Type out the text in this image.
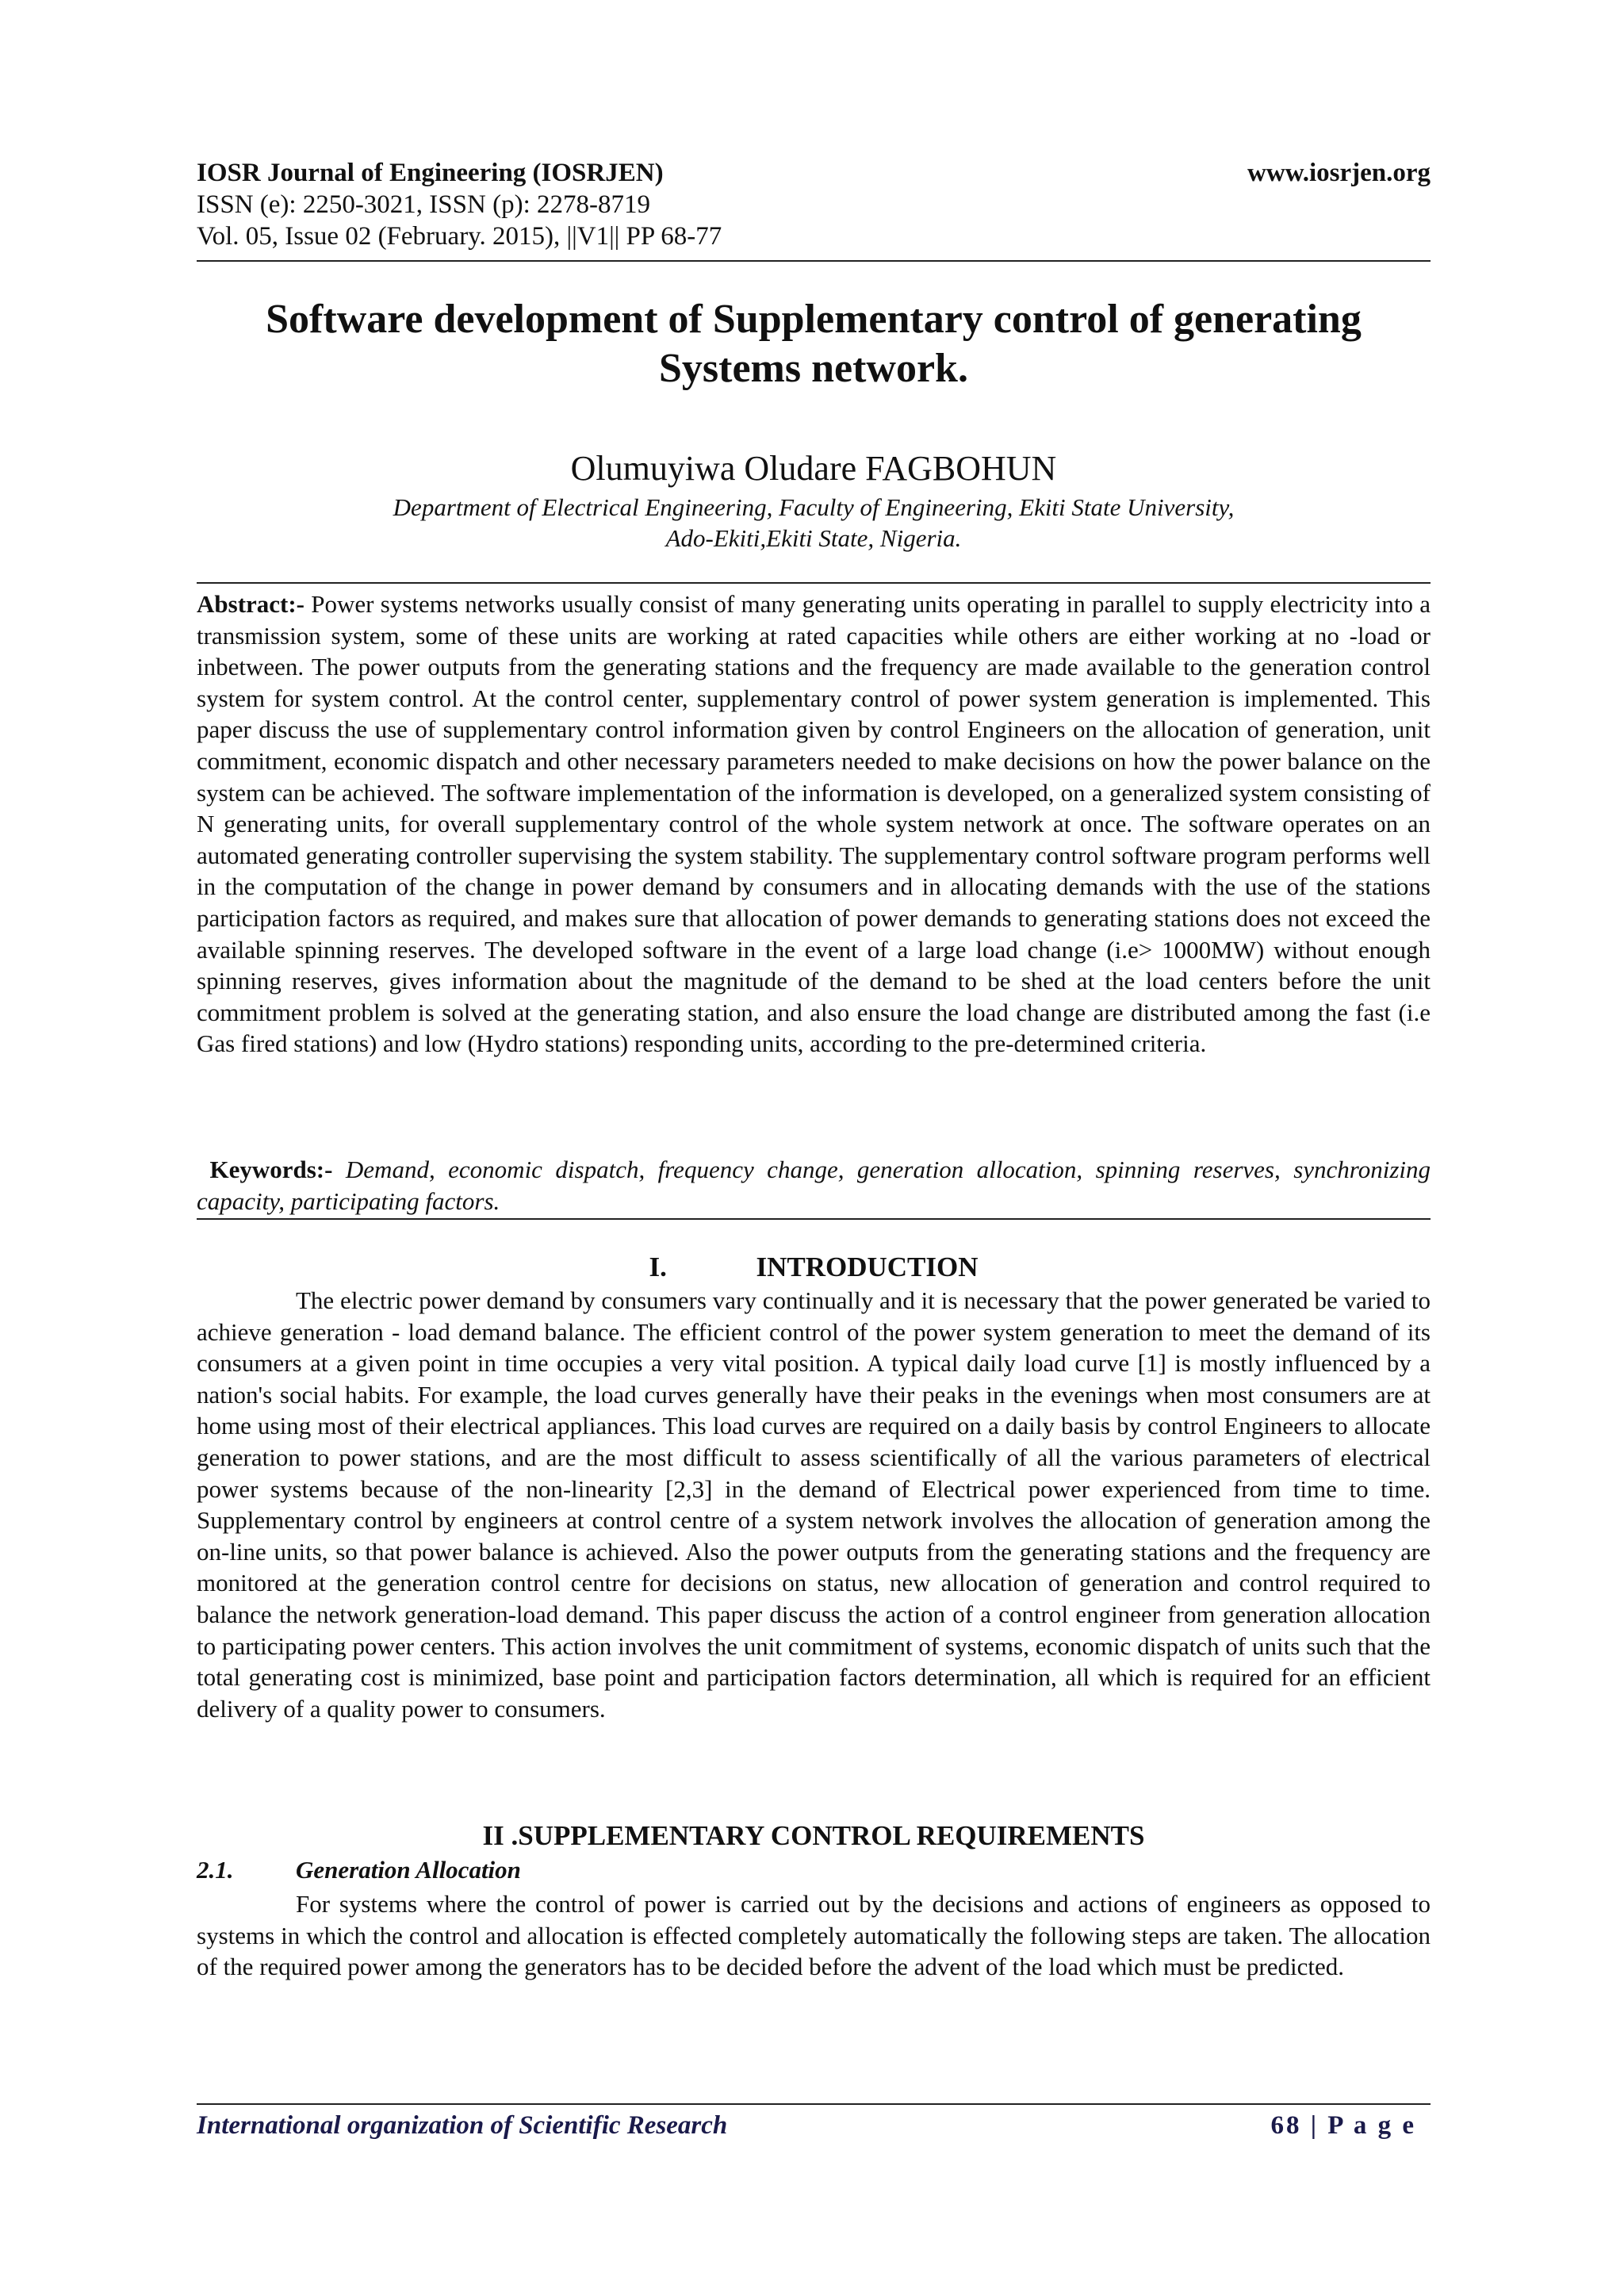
IOSR Journal of Engineering (IOSRJEN)	www.iosrjen.org
ISSN (e): 2250-3021, ISSN (p): 2278-8719
Vol. 05, Issue 02 (February. 2015), ||V1|| PP 68-77
Software development of Supplementary control of generating
Systems network.
Olumuyiwa Oludare FAGBOHUN
Department of Electrical Engineering, Faculty of Engineering, Ekiti State University,
Ado-Ekiti,Ekiti State, Nigeria.

Abstract:- Power systems networks usually consist of many generating units operating in parallel to supply electricity into a transmission system, some of these units are working at rated capacities while others are either working at no -load or inbetween. The power outputs from the generating stations and the frequency are made available to the generation control system for system control. At the control center, supplementary control of power system generation is implemented. This paper discuss the use of supplementary control information given by control Engineers on the allocation of generation, unit commitment, economic dispatch and other necessary parameters needed to make decisions on how the power balance on the system can be achieved. The software implementation of the information is developed, on a generalized system consisting of N generating units, for overall supplementary control of the whole system network at once. The software operates on an automated generating controller supervising the system stability. The supplementary control software program performs well in the computation of the change in power demand by consumers and in allocating demands with the use of the stations participation factors as required, and makes sure that allocation of power demands to generating stations does not exceed the available spinning reserves. The developed software in the event of a large load change (i.e> 1000MW) without enough spinning reserves, gives information about the magnitude of the demand to be shed at the load centers before the unit commitment problem is solved at the generating station, and also ensure the load change are distributed among the fast (i.e Gas fired stations) and low (Hydro stations) responding units, according to the pre-determined criteria.

Keywords:- Demand, economic dispatch, frequency change, generation allocation, spinning reserves, synchronizing capacity, participating factors.

I.	INTRODUCTION

The electric power demand by consumers vary continually and it is necessary that the power generated be varied to achieve generation - load demand balance. The efficient control of the power system generation to meet the demand of its consumers at a given point in time occupies a very vital position. A typical daily load curve [1] is mostly influenced by a nation's social habits. For example, the load curves generally have their peaks in the evenings when most consumers are at home using most of their electrical appliances. This load curves are required on a daily basis by control Engineers to allocate generation to power stations, and are the most difficult to assess scientifically of all the various parameters of electrical power systems because of the non-linearity [2,3] in the demand of Electrical power experienced from time to time. Supplementary control by engineers at control centre of a system network involves the allocation of generation among the on-line units, so that power balance is achieved. Also the power outputs from the generating stations and the frequency are monitored at the generation control centre for decisions on status, new allocation of generation and control required to balance the network generation-load demand. This paper discuss the action of a control engineer from generation allocation to participating power centers. This action involves the unit commitment of systems, economic dispatch of units such that the total generating cost is minimized, base point and participation factors determination, all which is required for an efficient delivery of a quality power to consumers.

II .SUPPLEMENTARY CONTROL REQUIREMENTS
2.1.	Generation Allocation

For systems where the control of power is carried out by the decisions and actions of engineers as opposed to systems in which the control and allocation is effected completely automatically the following steps are taken. The allocation of the required power among the generators has to be decided before the advent of the load which must be predicted.

International organization of Scientific Research	68 | P a g e
